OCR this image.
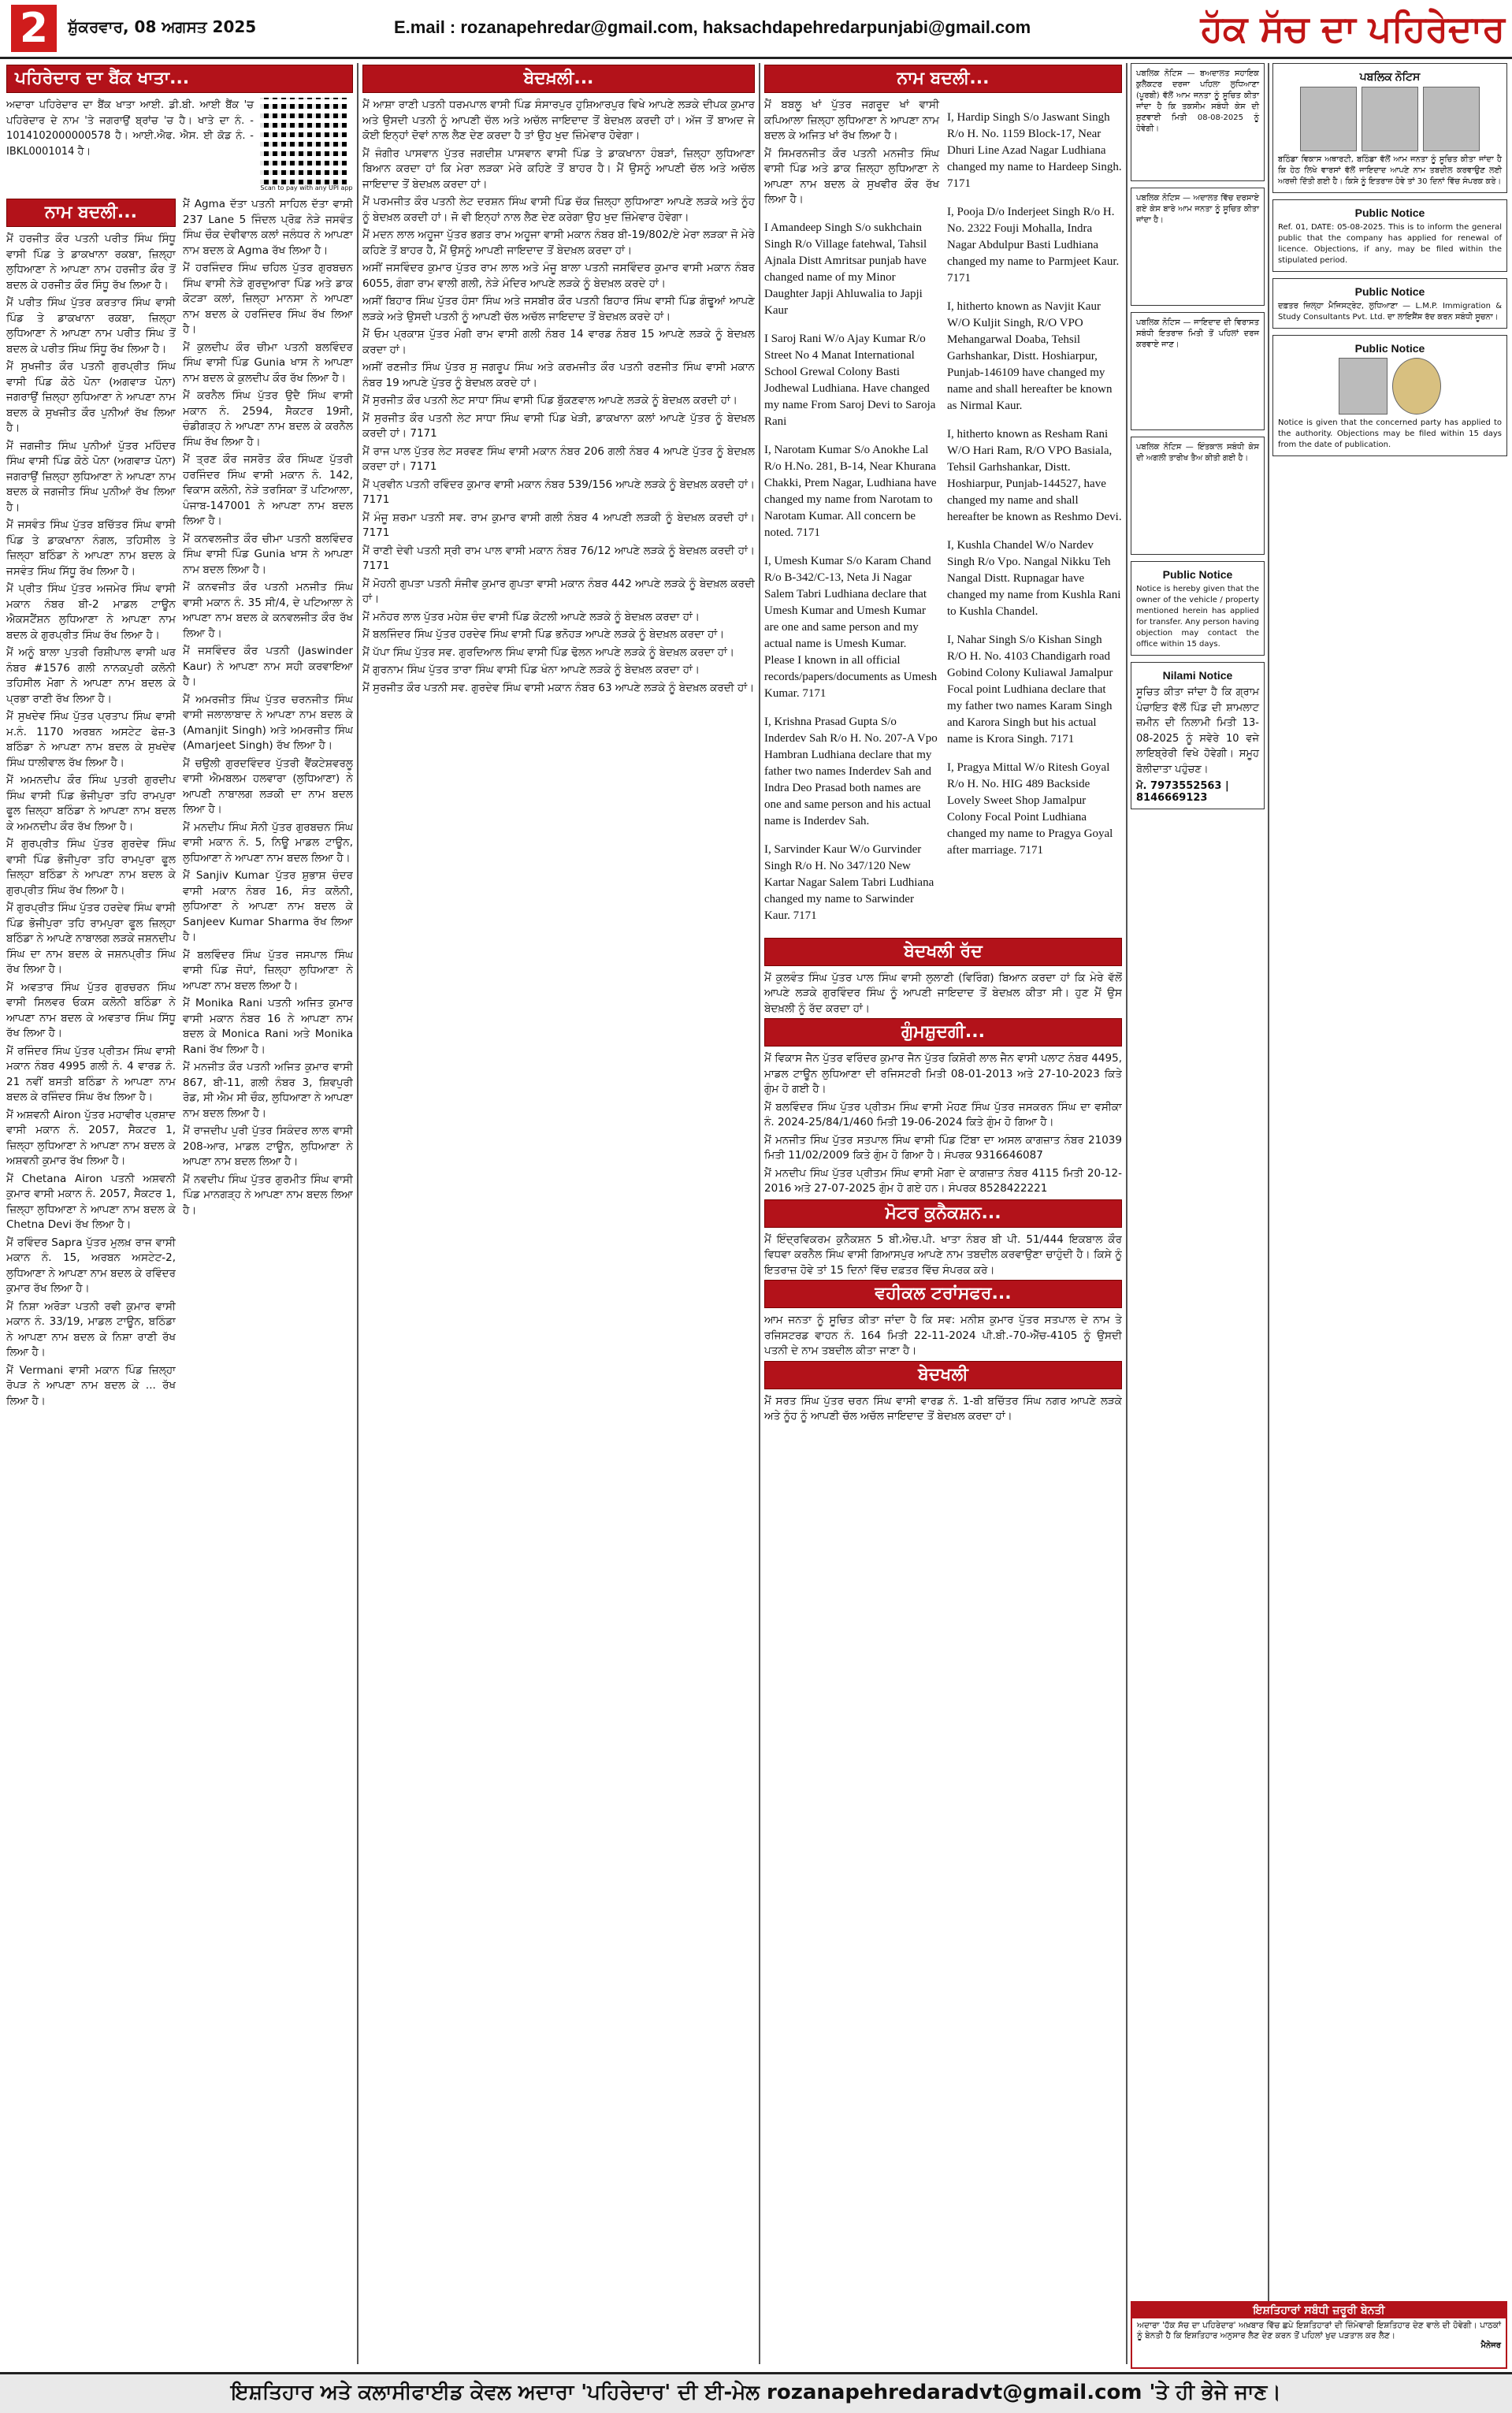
2	ਸ਼ੁੱਕਰਵਾਰ, 08 ਅਗਸਤ 2025	E.mail : rozanapehredar@gmail.com, haksachdapehredarpunjabi@gmail.com	ਹੱਕ ਸੱਚ ਦਾ ਪਹਿਰੇਦਾਰ
ਪਹਿਰੇਦਾਰ ਦਾ ਬੈਂਕ ਖਾਤਾ...
ਅਦਾਰਾ ਪਹਿਰੇਦਾਰ ਦਾ ਬੈਂਕ ਖਾਤਾ ਆਈ. ਡੀ.ਬੀ. ਆਈ ਬੈਂਕ 'ਚ ਪਹਿਰੇਦਾਰ ਦੇ ਨਾਮ 'ਤੇ ਜਗਰਾਉਂ ਬ੍ਰਾਂਚ 'ਚ ਹੈ। ਖਾਤੇ ਦਾ ਨੰ. - 1014102000000578 ਹੈ। ਆਈ.ਐਫ. ਐਸ. ਈ ਕੋਡ ਨੰ. - IBKL0001014 ਹੈ।
Scan to pay with any UPI app
ਨਾਮ ਬਦਲੀ...

ਮੈਂ ਹਰਜੀਤ ਕੌਰ ਪਤਨੀ ਪਰੀਤ ਸਿੰਘ ਸਿੰਧੂ ਵਾਸੀ ਪਿੰਡ ਤੇ ਡਾਕਖਾਨਾ ਰਕਬਾ, ਜ਼ਿਲ੍ਹਾ ਲੁਧਿਆਣਾ ਨੇ ਆਪਣਾ ਨਾਮ ਹਰਜੀਤ ਕੌਰ ਤੋਂ ਬਦਲ ਕੇ ਹਰਜੀਤ ਕੌਰ ਸਿੰਧੂ ਰੱਖ ਲਿਆ ਹੈ।

ਮੈਂ ਪਰੀਤ ਸਿੰਘ ਪੁੱਤਰ ਕਰਤਾਰ ਸਿੰਘ ਵਾਸੀ ਪਿੰਡ ਤੇ ਡਾਕਖਾਨਾ ਰਕਬਾ, ਜ਼ਿਲ੍ਹਾ ਲੁਧਿਆਣਾ ਨੇ ਆਪਣਾ ਨਾਮ ਪਰੀਤ ਸਿੰਘ ਤੋਂ ਬਦਲ ਕੇ ਪਰੀਤ ਸਿੰਘ ਸਿੰਧੂ ਰੱਖ ਲਿਆ ਹੈ।

ਮੈਂ ਸੁਖਜੀਤ ਕੌਰ ਪਤਨੀ ਗੁਰਪ੍ਰੀਤ ਸਿੰਘ ਵਾਸੀ ਪਿੰਡ ਕੋਠੇ ਪੋਨਾ (ਅਗਵਾੜ ਪੋਨਾ) ਜਗਰਾਉਂ ਜ਼ਿਲ੍ਹਾ ਲੁਧਿਆਣਾ ਨੇ ਆਪਣਾ ਨਾਮ ਬਦਲ ਕੇ ਸੁਖਜੀਤ ਕੌਰ ਪੁਨੀਆਂ ਰੱਖ ਲਿਆ ਹੈ।

ਮੈਂ ਜਗਜੀਤ ਸਿੰਘ ਪੁਨੀਆਂ ਪੁੱਤਰ ਮਹਿੰਦਰ ਸਿੰਘ ਵਾਸੀ ਪਿੰਡ ਕੋਠੇ ਪੋਨਾ (ਅਗਵਾੜ ਪੋਨਾ) ਜਗਰਾਉਂ ਜ਼ਿਲ੍ਹਾ ਲੁਧਿਆਣਾ ਨੇ ਆਪਣਾ ਨਾਮ ਬਦਲ ਕੇ ਜਗਜੀਤ ਸਿੰਘ ਪੁਨੀਆਂ ਰੱਖ ਲਿਆ ਹੈ।

ਮੈਂ ਜਸਵੰਤ ਸਿੰਘ ਪੁੱਤਰ ਬਚਿੱਤਰ ਸਿੰਘ ਵਾਸੀ ਪਿੰਡ ਤੇ ਡਾਕਖਾਨਾ ਨੰਗਲ, ਤਹਿਸੀਲ ਤੇ ਜ਼ਿਲ੍ਹਾ ਬਠਿੰਡਾ ਨੇ ਆਪਣਾ ਨਾਮ ਬਦਲ ਕੇ ਜਸਵੰਤ ਸਿੰਘ ਸਿੱਧੂ ਰੱਖ ਲਿਆ ਹੈ।

ਮੈਂ ਪ੍ਰੀਤ ਸਿੰਘ ਪੁੱਤਰ ਅਜਮੇਰ ਸਿੰਘ ਵਾਸੀ ਮਕਾਨ ਨੰਬਰ ਬੀ-2 ਮਾਡਲ ਟਾਊਨ ਐਕਸਟੈਂਸ਼ਨ ਲੁਧਿਆਣਾ ਨੇ ਆਪਣਾ ਨਾਮ ਬਦਲ ਕੇ ਗੁਰਪ੍ਰੀਤ ਸਿੰਘ ਰੱਖ ਲਿਆ ਹੈ।

ਮੈਂ ਅਨੂੰ ਬਾਲਾ ਪੁਤਰੀ ਰਿਸ਼ੀਪਾਲ ਵਾਸੀ ਘਰ ਨੰਬਰ #1576 ਗਲੀ ਨਾਨਕਪੁਰੀ ਕਲੋਨੀ ਤਹਿਸੀਲ ਮੋਗਾ ਨੇ ਆਪਣਾ ਨਾਮ ਬਦਲ ਕੇ ਪ੍ਰਭਾ ਰਾਣੀ ਰੱਖ ਲਿਆ ਹੈ।

ਮੈਂ ਸੁਖਦੇਵ ਸਿੰਘ ਪੁੱਤਰ ਪ੍ਰਤਾਪ ਸਿੰਘ ਵਾਸੀ ਮ.ਨੰ. 1170 ਅਰਬਨ ਅਸਟੇਟ ਫੇਜ਼-3 ਬਠਿੰਡਾ ਨੇ ਆਪਣਾ ਨਾਮ ਬਦਲ ਕੇ ਸੁਖਦੇਵ ਸਿੰਘ ਧਾਲੀਵਾਲ ਰੱਖ ਲਿਆ ਹੈ।

ਮੈਂ ਅਮਨਦੀਪ ਕੌਰ ਸਿੰਘ ਪੁਤਰੀ ਗੁਰਦੀਪ ਸਿੰਘ ਵਾਸੀ ਪਿੰਡ ਭੋਜੀਪੁਰਾ ਤਹਿ ਰਾਮਪੁਰਾ ਫੂਲ ਜ਼ਿਲ੍ਹਾ ਬਠਿੰਡਾ ਨੇ ਆਪਣਾ ਨਾਮ ਬਦਲ ਕੇ ਅਮਨਦੀਪ ਕੌਰ ਰੱਖ ਲਿਆ ਹੈ।

ਮੈਂ ਗੁਰਪ੍ਰੀਤ ਸਿੰਘ ਪੁੱਤਰ ਗੁਰਦੇਵ ਸਿੰਘ ਵਾਸੀ ਪਿੰਡ ਭੋਜੀਪੁਰਾ ਤਹਿ ਰਾਮਪੁਰਾ ਫੂਲ ਜ਼ਿਲ੍ਹਾ ਬਠਿੰਡਾ ਨੇ ਆਪਣਾ ਨਾਮ ਬਦਲ ਕੇ ਗੁਰਪ੍ਰੀਤ ਸਿੰਘ ਰੱਖ ਲਿਆ ਹੈ।

ਮੈਂ ਗੁਰਪ੍ਰੀਤ ਸਿੰਘ ਪੁੱਤਰ ਹਰਦੇਵ ਸਿੰਘ ਵਾਸੀ ਪਿੰਡ ਭੋਜੀਪੁਰਾ ਤਹਿ ਰਾਮਪੁਰਾ ਫੂਲ ਜ਼ਿਲ੍ਹਾ ਬਠਿੰਡਾ ਨੇ ਆਪਣੇ ਨਾਬਾਲਗ ਲੜਕੇ ਜਸ਼ਨਦੀਪ ਸਿੰਘ ਦਾ ਨਾਮ ਬਦਲ ਕੇ ਜਸ਼ਨਪ੍ਰੀਤ ਸਿੰਘ ਰੱਖ ਲਿਆ ਹੈ।

ਮੈਂ ਅਵਤਾਰ ਸਿੰਘ ਪੁੱਤਰ ਗੁਰਚਰਨ ਸਿੰਘ ਵਾਸੀ ਸਿਲਵਰ ਓਕਸ ਕਲੋਨੀ ਬਠਿੰਡਾ ਨੇ ਆਪਣਾ ਨਾਮ ਬਦਲ ਕੇ ਅਵਤਾਰ ਸਿੰਘ ਸਿੱਧੂ ਰੱਖ ਲਿਆ ਹੈ।

ਮੈਂ ਰਜਿੰਦਰ ਸਿੰਘ ਪੁੱਤਰ ਪ੍ਰੀਤਮ ਸਿੰਘ ਵਾਸੀ ਮਕਾਨ ਨੰਬਰ 4995 ਗਲੀ ਨੰ. 4 ਵਾਰਡ ਨੰ. 21 ਨਵੀਂ ਬਸਤੀ ਬਠਿੰਡਾ ਨੇ ਆਪਣਾ ਨਾਮ ਬਦਲ ਕੇ ਰਜਿੰਦਰ ਸਿੰਘ ਰੱਖ ਲਿਆ ਹੈ।

ਮੈਂ ਅਸ਼ਵਨੀ Airon ਪੁੱਤਰ ਮਹਾਵੀਰ ਪ੍ਰਸ਼ਾਦ ਵਾਸੀ ਮਕਾਨ ਨੰ. 2057, ਸੈਕਟਰ 1, ਜ਼ਿਲ੍ਹਾ ਲੁਧਿਆਣਾ ਨੇ ਆਪਣਾ ਨਾਮ ਬਦਲ ਕੇ ਅਸ਼ਵਨੀ ਕੁਮਾਰ ਰੱਖ ਲਿਆ ਹੈ।

ਮੈਂ Chetana Airon ਪਤਨੀ ਅਸ਼ਵਨੀ ਕੁਮਾਰ ਵਾਸੀ ਮਕਾਨ ਨੰ. 2057, ਸੈਕਟਰ 1, ਜ਼ਿਲ੍ਹਾ ਲੁਧਿਆਣਾ ਨੇ ਆਪਣਾ ਨਾਮ ਬਦਲ ਕੇ Chetna Devi ਰੱਖ ਲਿਆ ਹੈ।

ਮੈਂ ਰਵਿੰਦਰ Sapra ਪੁੱਤਰ ਮੁਲਖ਼ ਰਾਜ ਵਾਸੀ ਮਕਾਨ ਨੰ. 15, ਅਰਬਨ ਅਸਟੇਟ-2, ਲੁਧਿਆਣਾ ਨੇ ਆਪਣਾ ਨਾਮ ਬਦਲ ਕੇ ਰਵਿੰਦਰ ਕੁਮਾਰ ਰੱਖ ਲਿਆ ਹੈ।

ਮੈਂ ਨਿਸ਼ਾ ਅਰੋੜਾ ਪਤਨੀ ਰਵੀ ਕੁਮਾਰ ਵਾਸੀ ਮਕਾਨ ਨੰ. 33/19, ਮਾਡਲ ਟਾਊਨ, ਬਠਿੰਡਾ ਨੇ ਆਪਣਾ ਨਾਮ ਬਦਲ ਕੇ ਨਿਸ਼ਾ ਰਾਣੀ ਰੱਖ ਲਿਆ ਹੈ।

ਮੈਂ Vermani ਵਾਸੀ ਮਕਾਨ ਪਿੰਡ ਜ਼ਿਲ੍ਹਾ ਰੋਪੜ ਨੇ ਆਪਣਾ ਨਾਮ ਬਦਲ ਕੇ ... ਰੱਖ ਲਿਆ ਹੈ।

ਮੈਂ Agma ਦੱਤਾ ਪਤਨੀ ਸਾਹਿਲ ਦੱਤਾ ਵਾਸੀ 237 Lane 5 ਜਿੰਦਲ ਪ੍ਰੋਫ਼ ਨੇੜੇ ਜਸਵੰਤ ਸਿੰਘ ਚੌਕ ਦੇਵੀਵਾਲ ਕਲਾਂ ਜਲੰਧਰ ਨੇ ਆਪਣਾ ਨਾਮ ਬਦਲ ਕੇ Agma ਰੱਖ ਲਿਆ ਹੈ।

ਮੈਂ ਹਰਜਿੰਦਰ ਸਿੰਘ ਚਹਿਲ ਪੁੱਤਰ ਗੁਰਬਚਨ ਸਿੰਘ ਵਾਸੀ ਨੇੜੇ ਗੁਰਦੁਆਰਾ ਪਿੰਡ ਅਤੇ ਡਾਕ ਕੋਟੜਾ ਕਲਾਂ, ਜ਼ਿਲ੍ਹਾ ਮਾਨਸਾ ਨੇ ਆਪਣਾ ਨਾਮ ਬਦਲ ਕੇ ਹਰਜਿੰਦਰ ਸਿੰਘ ਰੱਖ ਲਿਆ ਹੈ।

ਮੈਂ ਕੁਲਦੀਪ ਕੌਰ ਚੀਮਾ ਪਤਨੀ ਬਲਵਿੰਦਰ ਸਿੰਘ ਵਾਸੀ ਪਿੰਡ Gunia ਖਾਸ ਨੇ ਆਪਣਾ ਨਾਮ ਬਦਲ ਕੇ ਕੁਲਦੀਪ ਕੌਰ ਰੱਖ ਲਿਆ ਹੈ।

ਮੈਂ ਕਰਨੈਲ ਸਿੰਘ ਪੁੱਤਰ ਉਦੈ ਸਿੰਘ ਵਾਸੀ ਮਕਾਨ ਨੰ. 2594, ਸੈਕਟਰ 19ਸੀ, ਚੰਡੀਗੜ੍ਹ ਨੇ ਆਪਣਾ ਨਾਮ ਬਦਲ ਕੇ ਕਰਨੈਲ ਸਿੰਘ ਰੱਖ ਲਿਆ ਹੈ।

ਮੈਂ ਤ੍ਰਣ ਕੌਰ ਜਸਰੋਤ ਕੌਰ ਸਿੰਘਣ ਪੁੱਤਰੀ ਹਰਜਿੰਦਰ ਸਿੰਘ ਵਾਸੀ ਮਕਾਨ ਨੰ. 142, ਵਿਕਾਸ ਕਲੋਨੀ, ਨੇੜੇ ਤਰਸਿਕਾ ਤੋਂ ਪਟਿਆਲਾ, ਪੰਜਾਬ-147001 ਨੇ ਆਪਣਾ ਨਾਮ ਬਦਲ ਲਿਆ ਹੈ।

ਮੈਂ ਕਨਵਲਜੀਤ ਕੌਰ ਚੀਮਾ ਪਤਨੀ ਬਲਵਿੰਦਰ ਸਿੰਘ ਵਾਸੀ ਪਿੰਡ Gunia ਖਾਸ ਨੇ ਆਪਣਾ ਨਾਮ ਬਦਲ ਲਿਆ ਹੈ।

ਮੈਂ ਕਨਵਜੀਤ ਕੌਰ ਪਤਨੀ ਮਨਜੀਤ ਸਿੰਘ ਵਾਸੀ ਮਕਾਨ ਨੰ. 35 ਸੀ/4, ਦੇ ਪਟਿਆਲਾ ਨੇ ਆਪਣਾ ਨਾਮ ਬਦਲ ਕੇ ਕਨਵਲਜੀਤ ਕੌਰ ਰੱਖ ਲਿਆ ਹੈ।

ਮੈਂ ਜਸਵਿੰਦਰ ਕੌਰ ਪਤਨੀ (Jaswinder Kaur) ਨੇ ਆਪਣਾ ਨਾਮ ਸਹੀ ਕਰਵਾਇਆ ਹੈ।

ਮੈਂ ਅਮਰਜੀਤ ਸਿੰਘ ਪੁੱਤਰ ਚਰਨਜੀਤ ਸਿੰਘ ਵਾਸੀ ਜਲਾਲਾਬਾਦ ਨੇ ਆਪਣਾ ਨਾਮ ਬਦਲ ਕੇ (Amanjit Singh) ਅਤੇ ਅਮਰਜੀਤ ਸਿੰਘ (Amarjeet Singh) ਰੱਖ ਲਿਆ ਹੈ।

ਮੈਂ ਚਉਲੀ ਗੁਰਦਵਿੰਦਰ ਪੁੱਤਰੀ ਵੈਂਕਟੇਸ਼ਵਰਲੂ ਵਾਸੀ ਐਮਬਲਮ ਹਲਵਾਰਾ (ਲੁਧਿਆਣਾ) ਨੇ ਆਪਣੀ ਨਾਬਾਲਗ ਲੜਕੀ ਦਾ ਨਾਮ ਬਦਲ ਲਿਆ ਹੈ।

ਮੈਂ ਮਨਦੀਪ ਸਿੰਘ ਸੋਨੀ ਪੁੱਤਰ ਗੁਰਬਚਨ ਸਿੰਘ ਵਾਸੀ ਮਕਾਨ ਨੰ. 5, ਨਿਊ ਮਾਡਲ ਟਾਊਨ, ਲੁਧਿਆਣਾ ਨੇ ਆਪਣਾ ਨਾਮ ਬਦਲ ਲਿਆ ਹੈ।

ਮੈਂ Sanjiv Kumar ਪੁੱਤਰ ਸ਼ੁਭਾਸ਼ ਚੰਦਰ ਵਾਸੀ ਮਕਾਨ ਨੰਬਰ 16, ਸੰਤ ਕਲੋਨੀ, ਲੁਧਿਆਣਾ ਨੇ ਆਪਣਾ ਨਾਮ ਬਦਲ ਕੇ Sanjeev Kumar Sharma ਰੱਖ ਲਿਆ ਹੈ।

ਮੈਂ ਬਲਵਿੰਦਰ ਸਿੰਘ ਪੁੱਤਰ ਜਸਪਾਲ ਸਿੰਘ ਵਾਸੀ ਪਿੰਡ ਜੋਧਾਂ, ਜ਼ਿਲ੍ਹਾ ਲੁਧਿਆਣਾ ਨੇ ਆਪਣਾ ਨਾਮ ਬਦਲ ਲਿਆ ਹੈ।

ਮੈਂ Monika Rani ਪਤਨੀ ਅਜਿਤ ਕੁਮਾਰ ਵਾਸੀ ਮਕਾਨ ਨੰਬਰ 16 ਨੇ ਆਪਣਾ ਨਾਮ ਬਦਲ ਕੇ Monica Rani ਅਤੇ Monika Rani ਰੱਖ ਲਿਆ ਹੈ।

ਮੈਂ ਮਨਜੀਤ ਕੌਰ ਪਤਨੀ ਅਜਿਤ ਕੁਮਾਰ ਵਾਸੀ 867, ਬੀ-11, ਗਲੀ ਨੰਬਰ 3, ਸ਼ਿਵਪੁਰੀ ਰੋਡ, ਸੀ ਐਮ ਸੀ ਚੌਕ, ਲੁਧਿਆਣਾ ਨੇ ਆਪਣਾ ਨਾਮ ਬਦਲ ਲਿਆ ਹੈ।

ਮੈਂ ਰਾਜਦੀਪ ਪੁਰੀ ਪੁੱਤਰ ਸਿਕੰਦਰ ਲਾਲ ਵਾਸੀ 208-ਆਰ, ਮਾਡਲ ਟਾਊਨ, ਲੁਧਿਆਣਾ ਨੇ ਆਪਣਾ ਨਾਮ ਬਦਲ ਲਿਆ ਹੈ।

ਮੈਂ ਨਵਦੀਪ ਸਿੰਘ ਪੁੱਤਰ ਗੁਰਮੀਤ ਸਿੰਘ ਵਾਸੀ ਪਿੰਡ ਮਾਨਗੜ੍ਹ ਨੇ ਆਪਣਾ ਨਾਮ ਬਦਲ ਲਿਆ ਹੈ।

ਬੇਦਖ਼ਲੀ...

ਮੈਂ ਆਸ਼ਾ ਰਾਣੀ ਪਤਨੀ ਧਰਮਪਾਲ ਵਾਸੀ ਪਿੰਡ ਸੰਸਾਰਪੁਰ ਹੁਸ਼ਿਆਰਪੁਰ ਵਿਖੇ ਆਪਣੇ ਲੜਕੇ ਦੀਪਕ ਕੁਮਾਰ ਅਤੇ ਉਸਦੀ ਪਤਨੀ ਨੂੰ ਆਪਣੀ ਚੱਲ ਅਤੇ ਅਚੱਲ ਜਾਇਦਾਦ ਤੋਂ ਬੇਦਖ਼ਲ ਕਰਦੀ ਹਾਂ। ਅੱਜ ਤੋਂ ਬਾਅਦ ਜੇ ਕੋਈ ਇਨ੍ਹਾਂ ਦੋਵਾਂ ਨਾਲ ਲੈਣ ਦੇਣ ਕਰਦਾ ਹੈ ਤਾਂ ਉਹ ਖੁਦ ਜ਼ਿੰਮੇਵਾਰ ਹੋਵੇਗਾ।

ਮੈਂ ਜੰਗੀਰ ਪਾਸਵਾਨ ਪੁੱਤਰ ਜਗਦੀਸ਼ ਪਾਸਵਾਨ ਵਾਸੀ ਪਿੰਡ ਤੇ ਡਾਕਖਾਨਾ ਹੰਬੜਾਂ, ਜ਼ਿਲ੍ਹਾ ਲੁਧਿਆਣਾ ਬਿਆਨ ਕਰਦਾ ਹਾਂ ਕਿ ਮੇਰਾ ਲੜਕਾ ਮੇਰੇ ਕਹਿਣੇ ਤੋਂ ਬਾਹਰ ਹੈ। ਮੈਂ ਉਸਨੂੰ ਆਪਣੀ ਚੱਲ ਅਤੇ ਅਚੱਲ ਜਾਇਦਾਦ ਤੋਂ ਬੇਦਖ਼ਲ ਕਰਦਾ ਹਾਂ।

ਮੈਂ ਪਰਮਜੀਤ ਕੌਰ ਪਤਨੀ ਲੇਟ ਦਰਸ਼ਨ ਸਿੰਘ ਵਾਸੀ ਪਿੰਡ ਚੱਕ ਜ਼ਿਲ੍ਹਾ ਲੁਧਿਆਣਾ ਆਪਣੇ ਲੜਕੇ ਅਤੇ ਨੂੰਹ ਨੂੰ ਬੇਦਖ਼ਲ ਕਰਦੀ ਹਾਂ। ਜੋ ਵੀ ਇਨ੍ਹਾਂ ਨਾਲ ਲੈਣ ਦੇਣ ਕਰੇਗਾ ਉਹ ਖੁਦ ਜ਼ਿੰਮੇਵਾਰ ਹੋਵੇਗਾ।

ਮੈਂ ਮਦਨ ਲਾਲ ਅਹੂਜਾ ਪੁੱਤਰ ਭਗਤ ਰਾਮ ਅਹੂਜਾ ਵਾਸੀ ਮਕਾਨ ਨੰਬਰ ਬੀ-19/802/ਏ ਮੇਰਾ ਲੜਕਾ ਜੋ ਮੇਰੇ ਕਹਿਣੇ ਤੋਂ ਬਾਹਰ ਹੈ, ਮੈਂ ਉਸਨੂੰ ਆਪਣੀ ਜਾਇਦਾਦ ਤੋਂ ਬੇਦਖ਼ਲ ਕਰਦਾ ਹਾਂ।

ਅਸੀਂ ਜਸਵਿੰਦਰ ਕੁਮਾਰ ਪੁੱਤਰ ਰਾਮ ਲਾਲ ਅਤੇ ਮੰਜੂ ਬਾਲਾ ਪਤਨੀ ਜਸਵਿੰਦਰ ਕੁਮਾਰ ਵਾਸੀ ਮਕਾਨ ਨੰਬਰ 6055, ਗੰਗਾ ਰਾਮ ਵਾਲੀ ਗਲੀ, ਨੇੜੇ ਮੰਦਿਰ ਆਪਣੇ ਲੜਕੇ ਨੂੰ ਬੇਦਖ਼ਲ ਕਰਦੇ ਹਾਂ।

ਅਸੀਂ ਬਿਹਾਰ ਸਿੰਘ ਪੁੱਤਰ ਹੰਸਾ ਸਿੰਘ ਅਤੇ ਜਸਬੀਰ ਕੌਰ ਪਤਨੀ ਬਿਹਾਰ ਸਿੰਘ ਵਾਸੀ ਪਿੰਡ ਗੰਢੂਆਂ ਆਪਣੇ ਲੜਕੇ ਅਤੇ ਉਸਦੀ ਪਤਨੀ ਨੂੰ ਆਪਣੀ ਚੱਲ ਅਚੱਲ ਜਾਇਦਾਦ ਤੋਂ ਬੇਦਖ਼ਲ ਕਰਦੇ ਹਾਂ।

ਮੈਂ ਓਮ ਪ੍ਰਕਾਸ਼ ਪੁੱਤਰ ਮੰਗੀ ਰਾਮ ਵਾਸੀ ਗਲੀ ਨੰਬਰ 14 ਵਾਰਡ ਨੰਬਰ 15 ਆਪਣੇ ਲੜਕੇ ਨੂੰ ਬੇਦਖ਼ਲ ਕਰਦਾ ਹਾਂ।

ਅਸੀਂ ਰਣਜੀਤ ਸਿੰਘ ਪੁੱਤਰ ਸੁ ਜਗਰੂਪ ਸਿੰਘ ਅਤੇ ਕਰਮਜੀਤ ਕੌਰ ਪਤਨੀ ਰਣਜੀਤ ਸਿੰਘ ਵਾਸੀ ਮਕਾਨ ਨੰਬਰ 19 ਆਪਣੇ ਪੁੱਤਰ ਨੂੰ ਬੇਦਖ਼ਲ ਕਰਦੇ ਹਾਂ।

ਮੈਂ ਸੁਰਜੀਤ ਕੌਰ ਪਤਨੀ ਲੇਟ ਸਾਧਾ ਸਿੰਘ ਵਾਸੀ ਪਿੰਡ ਬੁੱਕਣਵਾਲ ਆਪਣੇ ਲੜਕੇ ਨੂੰ ਬੇਦਖ਼ਲ ਕਰਦੀ ਹਾਂ।

ਮੈਂ ਸੁਰਜੀਤ ਕੌਰ ਪਤਨੀ ਲੇਟ ਸਾਧਾ ਸਿੰਘ ਵਾਸੀ ਪਿੰਡ ਖੇੜੀ, ਡਾਕਖਾਨਾ ਕਲਾਂ ਆਪਣੇ ਪੁੱਤਰ ਨੂੰ ਬੇਦਖ਼ਲ ਕਰਦੀ ਹਾਂ। 7171

ਮੈਂ ਰਾਜ ਪਾਲ ਪੁੱਤਰ ਲੇਟ ਸਰਵਣ ਸਿੰਘ ਵਾਸੀ ਮਕਾਨ ਨੰਬਰ 206 ਗਲੀ ਨੰਬਰ 4 ਆਪਣੇ ਪੁੱਤਰ ਨੂੰ ਬੇਦਖ਼ਲ ਕਰਦਾ ਹਾਂ। 7171

ਮੈਂ ਪ੍ਰਵੀਨ ਪਤਨੀ ਰਵਿੰਦਰ ਕੁਮਾਰ ਵਾਸੀ ਮਕਾਨ ਨੰਬਰ 539/156 ਆਪਣੇ ਲੜਕੇ ਨੂੰ ਬੇਦਖ਼ਲ ਕਰਦੀ ਹਾਂ। 7171

ਮੈਂ ਮੰਜੂ ਸ਼ਰਮਾ ਪਤਨੀ ਸਵ. ਰਾਮ ਕੁਮਾਰ ਵਾਸੀ ਗਲੀ ਨੰਬਰ 4 ਆਪਣੀ ਲੜਕੀ ਨੂੰ ਬੇਦਖ਼ਲ ਕਰਦੀ ਹਾਂ। 7171

ਮੈਂ ਰਾਣੀ ਦੇਵੀ ਪਤਨੀ ਸ੍ਰੀ ਰਾਮ ਪਾਲ ਵਾਸੀ ਮਕਾਨ ਨੰਬਰ 76/12 ਆਪਣੇ ਲੜਕੇ ਨੂੰ ਬੇਦਖ਼ਲ ਕਰਦੀ ਹਾਂ। 7171

ਮੈਂ ਮੋਹਨੀ ਗੁਪਤਾ ਪਤਨੀ ਸੰਜੀਵ ਕੁਮਾਰ ਗੁਪਤਾ ਵਾਸੀ ਮਕਾਨ ਨੰਬਰ 442 ਆਪਣੇ ਲੜਕੇ ਨੂੰ ਬੇਦਖ਼ਲ ਕਰਦੀ ਹਾਂ।

ਮੈਂ ਮਨੋਹਰ ਲਾਲ ਪੁੱਤਰ ਮਹੇਸ਼ ਚੰਦ ਵਾਸੀ ਪਿੰਡ ਕੋਟਲੀ ਆਪਣੇ ਲੜਕੇ ਨੂੰ ਬੇਦਖ਼ਲ ਕਰਦਾ ਹਾਂ।

ਮੈਂ ਬਲਜਿੰਦਰ ਸਿੰਘ ਪੁੱਤਰ ਹਰਦੇਵ ਸਿੰਘ ਵਾਸੀ ਪਿੰਡ ਭਨੋਹੜ ਆਪਣੇ ਲੜਕੇ ਨੂੰ ਬੇਦਖ਼ਲ ਕਰਦਾ ਹਾਂ।

ਮੈਂ ਪੱਪਾ ਸਿੰਘ ਪੁੱਤਰ ਸਵ. ਗੁਰਦਿਆਲ ਸਿੰਘ ਵਾਸੀ ਪਿੰਡ ਢੋਲਨ ਆਪਣੇ ਲੜਕੇ ਨੂੰ ਬੇਦਖ਼ਲ ਕਰਦਾ ਹਾਂ।

ਮੈਂ ਗੁਰਨਾਮ ਸਿੰਘ ਪੁੱਤਰ ਤਾਰਾ ਸਿੰਘ ਵਾਸੀ ਪਿੰਡ ਖੰਨਾ ਆਪਣੇ ਲੜਕੇ ਨੂੰ ਬੇਦਖ਼ਲ ਕਰਦਾ ਹਾਂ।

ਮੈਂ ਸੁਰਜੀਤ ਕੌਰ ਪਤਨੀ ਸਵ. ਗੁਰਦੇਵ ਸਿੰਘ ਵਾਸੀ ਮਕਾਨ ਨੰਬਰ 63 ਆਪਣੇ ਲੜਕੇ ਨੂੰ ਬੇਦਖ਼ਲ ਕਰਦੀ ਹਾਂ।

ਨਾਮ ਬਦਲੀ...

ਮੈਂ ਬਬਲੂ ਖਾਂ ਪੁੱਤਰ ਜਗਰੂਦ ਖਾਂ ਵਾਸੀ ਕਪਿਆਲਾ ਜ਼ਿਲ੍ਹਾ ਲੁਧਿਆਣਾ ਨੇ ਆਪਣਾ ਨਾਮ ਬਦਲ ਕੇ ਅਜਿਤ ਖਾਂ ਰੱਖ ਲਿਆ ਹੈ।

ਮੈਂ ਸਿਮਰਨਜੀਤ ਕੌਰ ਪਤਨੀ ਮਨਜੀਤ ਸਿੰਘ ਵਾਸੀ ਪਿੰਡ ਅਤੇ ਡਾਕ ਜ਼ਿਲ੍ਹਾ ਲੁਧਿਆਣਾ ਨੇ ਆਪਣਾ ਨਾਮ ਬਦਲ ਕੇ ਸੁਖਵੀਰ ਕੌਰ ਰੱਖ ਲਿਆ ਹੈ।

I Amandeep Singh S/o sukhchain Singh R/o Village fatehwal, Tahsil Ajnala Distt Amritsar punjab have changed name of my Minor Daughter Japji Ahluwalia to Japji Kaur

I Saroj Rani W/o Ajay Kumar R/o Street No 4 Manat International School Grewal Colony Basti Jodhewal Ludhiana. Have changed my name From Saroj Devi to Saroja Rani

I, Narotam Kumar S/o Anokhe Lal R/o H.No. 281, B-14, Near Khurana Chakki, Prem Nagar, Ludhiana have changed my name from Narotam to Narotam Kumar. All concern be noted. 7171

I, Umesh Kumar S/o Karam Chand R/o B-342/C-13, Neta Ji Nagar Salem Tabri Ludhiana declare that Umesh Kumar and Umesh Kumar are one and same person and my actual name is Umesh Kumar. Please I known in all official records/papers/documents as Umesh Kumar. 7171

I, Krishna Prasad Gupta S/o Inderdev Sah R/o H. No. 207-A Vpo Hambran Ludhiana declare that my father two names Inderdev Sah and Indra Deo Prasad both names are one and same person and his actual name is Inderdev Sah.

I, Sarvinder Kaur W/o Gurvinder Singh R/o H. No 347/120 New Kartar Nagar Salem Tabri Ludhiana changed my name to Sarwinder Kaur. 7171

I, Hardip Singh S/o Jaswant Singh R/o H. No. 1159 Block-17, Near Dhuri Line Azad Nagar Ludhiana changed my name to Hardeep Singh. 7171

I, Pooja D/o Inderjeet Singh R/o H. No. 2322 Fouji Mohalla, Indra Nagar Abdulpur Basti Ludhiana changed my name to Parmjeet Kaur. 7171

I, hitherto known as Navjit Kaur W/O Kuljit Singh, R/O VPO Mehangarwal Doaba, Tehsil Garhshankar, Distt. Hoshiarpur, Punjab-146109 have changed my name and shall hereafter be known as Nirmal Kaur.

I, hitherto known as Resham Rani W/O Hari Ram, R/O VPO Basiala, Tehsil Garhshankar, Distt. Hoshiarpur, Punjab-144527, have changed my name and shall hereafter be known as Reshmo Devi.

I, Kushla Chandel W/o Nardev Singh R/o Vpo. Nangal Nikku Teh Nangal Distt. Rupnagar have changed my name from Kushla Rani to Kushla Chandel.

I, Nahar Singh S/o Kishan Singh R/O H. No. 4103 Chandigarh road Gobind Colony Kuliawal Jamalpur Focal point Ludhiana declare that my father two names Karam Singh and Karora Singh but his actual name is Krora Singh. 7171

I, Pragya Mittal W/o Ritesh Goyal R/o H. No. HIG 489 Backside Lovely Sweet Shop Jamalpur Colony Focal Point Ludhiana changed my name to Pragya Goyal after marriage. 7171

ਬੇਦਖਲੀ ਰੱਦ
ਮੈਂ ਕੁਲਵੰਤ ਸਿੰਘ ਪੁੱਤਰ ਪਾਲ ਸਿੰਘ ਵਾਸੀ ਲੁਲਾਣੀ (ਵਿਰਿੰਗ) ਬਿਆਨ ਕਰਦਾ ਹਾਂ ਕਿ ਮੇਰੇ ਵੱਲੋਂ ਆਪਣੇ ਲੜਕੇ ਗੁਰਵਿੰਦਰ ਸਿੰਘ ਨੂੰ ਆਪਣੀ ਜਾਇਦਾਦ ਤੋਂ ਬੇਦਖ਼ਲ ਕੀਤਾ ਸੀ। ਹੁਣ ਮੈਂ ਉਸ ਬੇਦਖ਼ਲੀ ਨੂੰ ਰੱਦ ਕਰਦਾ ਹਾਂ।
ਗੁੰਮਸ਼ੁਦਗੀ...

ਮੈਂ ਵਿਕਾਸ ਜੈਨ ਪੁੱਤਰ ਵਰਿੰਦਰ ਕੁਮਾਰ ਜੈਨ ਪੁੱਤਰ ਕਿਸ਼ੋਰੀ ਲਾਲ ਜੈਨ ਵਾਸੀ ਪਲਾਟ ਨੰਬਰ 4495, ਮਾਡਲ ਟਾਊਨ ਲੁਧਿਆਣਾ ਦੀ ਰਜਿਸਟਰੀ ਮਿਤੀ 08-01-2013 ਅਤੇ 27-10-2023 ਕਿਤੇ ਗੁੰਮ ਹੋ ਗਈ ਹੈ।

ਮੈਂ ਬਲਵਿੰਦਰ ਸਿੰਘ ਪੁੱਤਰ ਪ੍ਰੀਤਮ ਸਿੰਘ ਵਾਸੀ ਮੋਹਣ ਸਿੰਘ ਪੁੱਤਰ ਜਸਕਰਨ ਸਿੰਘ ਦਾ ਵਸੀਕਾ ਨੰ. 2024-25/84/1/460 ਮਿਤੀ 19-06-2024 ਕਿਤੇ ਗੁੰਮ ਹੋ ਗਿਆ ਹੈ।

ਮੈਂ ਮਨਜੀਤ ਸਿੰਘ ਪੁੱਤਰ ਸਤਪਾਲ ਸਿੰਘ ਵਾਸੀ ਪਿੰਡ ਟਿੱਬਾ ਦਾ ਅਸਲ ਕਾਗਜ਼ਾਤ ਨੰਬਰ 21039 ਮਿਤੀ 11/02/2009 ਕਿਤੇ ਗੁੰਮ ਹੋ ਗਿਆ ਹੈ। ਸੰਪਰਕ 9316646087

ਮੈਂ ਮਨਦੀਪ ਸਿੰਘ ਪੁੱਤਰ ਪ੍ਰੀਤਮ ਸਿੰਘ ਵਾਸੀ ਮੋਗਾ ਦੇ ਕਾਗਜ਼ਾਤ ਨੰਬਰ 4115 ਮਿਤੀ 20-12-2016 ਅਤੇ 27-07-2025 ਗੁੰਮ ਹੋ ਗਏ ਹਨ। ਸੰਪਰਕ 8528422221

ਮੋਟਰ ਕੁਨੈਕਸ਼ਨ...
ਮੈਂ ਇੰਦ੍ਰਵਿਕਰਮ ਕੁਨੈਕਸ਼ਨ 5 ਬੀ.ਐਚ.ਪੀ. ਖਾਤਾ ਨੰਬਰ ਬੀ ਪੀ. 51/444 ਇਕਬਾਲ ਕੌਰ ਵਿਧਵਾ ਕਰਨੈਲ ਸਿੰਘ ਵਾਸੀ ਗਿਆਸਪੁਰ ਆਪਣੇ ਨਾਮ ਤਬਦੀਲ ਕਰਵਾਉਣਾ ਚਾਹੁੰਦੀ ਹੈ। ਕਿਸੇ ਨੂੰ ਇਤਰਾਜ਼ ਹੋਵੇ ਤਾਂ 15 ਦਿਨਾਂ ਵਿੱਚ ਦਫ਼ਤਰ ਵਿੱਚ ਸੰਪਰਕ ਕਰੇ।
ਵਹੀਕਲ ਟਰਾਂਸਫਰ...
ਆਮ ਜਨਤਾ ਨੂੰ ਸੂਚਿਤ ਕੀਤਾ ਜਾਂਦਾ ਹੈ ਕਿ ਸਵ: ਮਨੀਸ਼ ਕੁਮਾਰ ਪੁੱਤਰ ਸਤਪਾਲ ਦੇ ਨਾਮ ਤੇ ਰਜਿਸਟਰਡ ਵਾਹਨ ਨੰ. 164 ਮਿਤੀ 22-11-2024 ਪੀ.ਬੀ.-70-ਐੱਚ-4105 ਨੂੰ ਉਸਦੀ ਪਤਨੀ ਦੇ ਨਾਮ ਤਬਦੀਲ ਕੀਤਾ ਜਾਣਾ ਹੈ।
ਬੇਦਖਲੀ
ਮੈਂ ਸਰਤ ਸਿੰਘ ਪੁੱਤਰ ਚਰਨ ਸਿੰਘ ਵਾਸੀ ਵਾਰਡ ਨੰ. 1-ਬੀ ਬਚਿੱਤਰ ਸਿੰਘ ਨਗਰ ਆਪਣੇ ਲੜਕੇ ਅਤੇ ਨੂੰਹ ਨੂੰ ਆਪਣੀ ਚੱਲ ਅਚੱਲ ਜਾਇਦਾਦ ਤੋਂ ਬੇਦਖ਼ਲ ਕਰਦਾ ਹਾਂ।
ਪਬਲਿਕ ਨੋਟਿਸ — ਬਅਦਾਲਤ ਸਹਾਇਕ ਕੁਲੈਕਟਰ ਦਰਜਾ ਪਹਿਲਾ ਲੁਧਿਆਣਾ (ਪੂਰਬੀ) ਵੱਲੋਂ ਆਮ ਜਨਤਾ ਨੂੰ ਸੂਚਿਤ ਕੀਤਾ ਜਾਂਦਾ ਹੈ ਕਿ ਤਕਸੀਮ ਸਬੰਧੀ ਕੇਸ ਦੀ ਸੁਣਵਾਈ ਮਿਤੀ 08-08-2025 ਨੂੰ ਹੋਵੇਗੀ।
ਪਬਲਿਕ ਨੋਟਿਸ — ਅਦਾਲਤ ਵਿੱਚ ਦਰਸਾਏ ਗਏ ਕੇਸ ਬਾਰੇ ਆਮ ਜਨਤਾ ਨੂੰ ਸੂਚਿਤ ਕੀਤਾ ਜਾਂਦਾ ਹੈ।
ਪਬਲਿਕ ਨੋਟਿਸ — ਜਾਇਦਾਦ ਦੀ ਵਿਰਾਸਤ ਸਬੰਧੀ ਇਤਰਾਜ਼ ਮਿਤੀ ਤੋਂ ਪਹਿਲਾਂ ਦਰਜ ਕਰਵਾਏ ਜਾਣ।
ਪਬਲਿਕ ਨੋਟਿਸ — ਇੰਤਕਾਲ ਸਬੰਧੀ ਕੇਸ ਦੀ ਅਗਲੀ ਤਾਰੀਖ ਤੈਅ ਕੀਤੀ ਗਈ ਹੈ।
Public Notice
Notice is hereby given that the owner of the vehicle / property mentioned herein has applied for transfer. Any person having objection may contact the office within 15 days.
Nilami Notice
ਸੂਚਿਤ ਕੀਤਾ ਜਾਂਦਾ ਹੈ ਕਿ ਗ੍ਰਾਮ ਪੰਚਾਇਤ ਵੱਲੋਂ ਪਿੰਡ ਦੀ ਸ਼ਾਮਲਾਟ ਜ਼ਮੀਨ ਦੀ ਨਿਲਾਮੀ ਮਿਤੀ 13-08-2025 ਨੂੰ ਸਵੇਰੇ 10 ਵਜੇ ਲਾਇਬ੍ਰੇਰੀ ਵਿਖੇ ਹੋਵੇਗੀ। ਸਮੂਹ ਬੋਲੀਦਾਤਾ ਪਹੁੰਚਣ।
ਮੋ. 7973552563 | 8146669123
ਪਬਲਿਕ ਨੋਟਿਸ
ਬਠਿੰਡਾ ਵਿਕਾਸ ਅਥਾਰਟੀ, ਬਠਿੰਡਾ ਵੱਲੋਂ ਆਮ ਜਨਤਾ ਨੂੰ ਸੂਚਿਤ ਕੀਤਾ ਜਾਂਦਾ ਹੈ ਕਿ ਹੇਠ ਲਿਖੇ ਵਾਰਸਾਂ ਵੱਲੋਂ ਜਾਇਦਾਦ ਆਪਣੇ ਨਾਮ ਤਬਦੀਲ ਕਰਵਾਉਣ ਲਈ ਅਰਜ਼ੀ ਦਿੱਤੀ ਗਈ ਹੈ। ਕਿਸੇ ਨੂੰ ਇਤਰਾਜ਼ ਹੋਵੇ ਤਾਂ 30 ਦਿਨਾਂ ਵਿੱਚ ਸੰਪਰਕ ਕਰੇ।
Public Notice
Ref. 01, DATE: 05-08-2025. This is to inform the general public that the company has applied for renewal of licence. Objections, if any, may be filed within the stipulated period.
Public Notice
ਦਫ਼ਤਰ ਜ਼ਿਲ੍ਹਾ ਮੈਜਿਸਟ੍ਰੇਟ, ਲੁਧਿਆਣਾ — L.M.P. Immigration & Study Consultants Pvt. Ltd. ਦਾ ਲਾਇਸੈਂਸ ਰੱਦ ਕਰਨ ਸਬੰਧੀ ਸੂਚਨਾ।
Public Notice
Notice is given that the concerned party has applied to the authority. Objections may be filed within 15 days from the date of publication.
ਇਸ਼ਤਿਹਾਰਾਂ ਸਬੰਧੀ ਜ਼ਰੂਰੀ ਬੇਨਤੀ
ਅਦਾਰਾ 'ਹੱਕ ਸੱਚ ਦਾ ਪਹਿਰੇਦਾਰ' ਅਖ਼ਬਾਰ ਵਿੱਚ ਛਪੇ ਇਸ਼ਤਿਹਾਰਾਂ ਦੀ ਜ਼ਿੰਮੇਵਾਰੀ ਇਸ਼ਤਿਹਾਰ ਦੇਣ ਵਾਲੇ ਦੀ ਹੋਵੇਗੀ। ਪਾਠਕਾਂ ਨੂੰ ਬੇਨਤੀ ਹੈ ਕਿ ਇਸ਼ਤਿਹਾਰ ਅਨੁਸਾਰ ਲੈਣ ਦੇਣ ਕਰਨ ਤੋਂ ਪਹਿਲਾਂ ਖੁਦ ਪੜਤਾਲ ਕਰ ਲੈਣ।
ਮੈਨੇਜਰ
ਇਸ਼ਤਿਹਾਰ ਅਤੇ ਕਲਾਸੀਫਾਈਡ ਕੇਵਲ ਅਦਾਰਾ 'ਪਹਿਰੇਦਾਰ' ਦੀ ਈ-ਮੇਲ rozanapehredaradvt@gmail.com 'ਤੇ ਹੀ ਭੇਜੇ ਜਾਣ।
